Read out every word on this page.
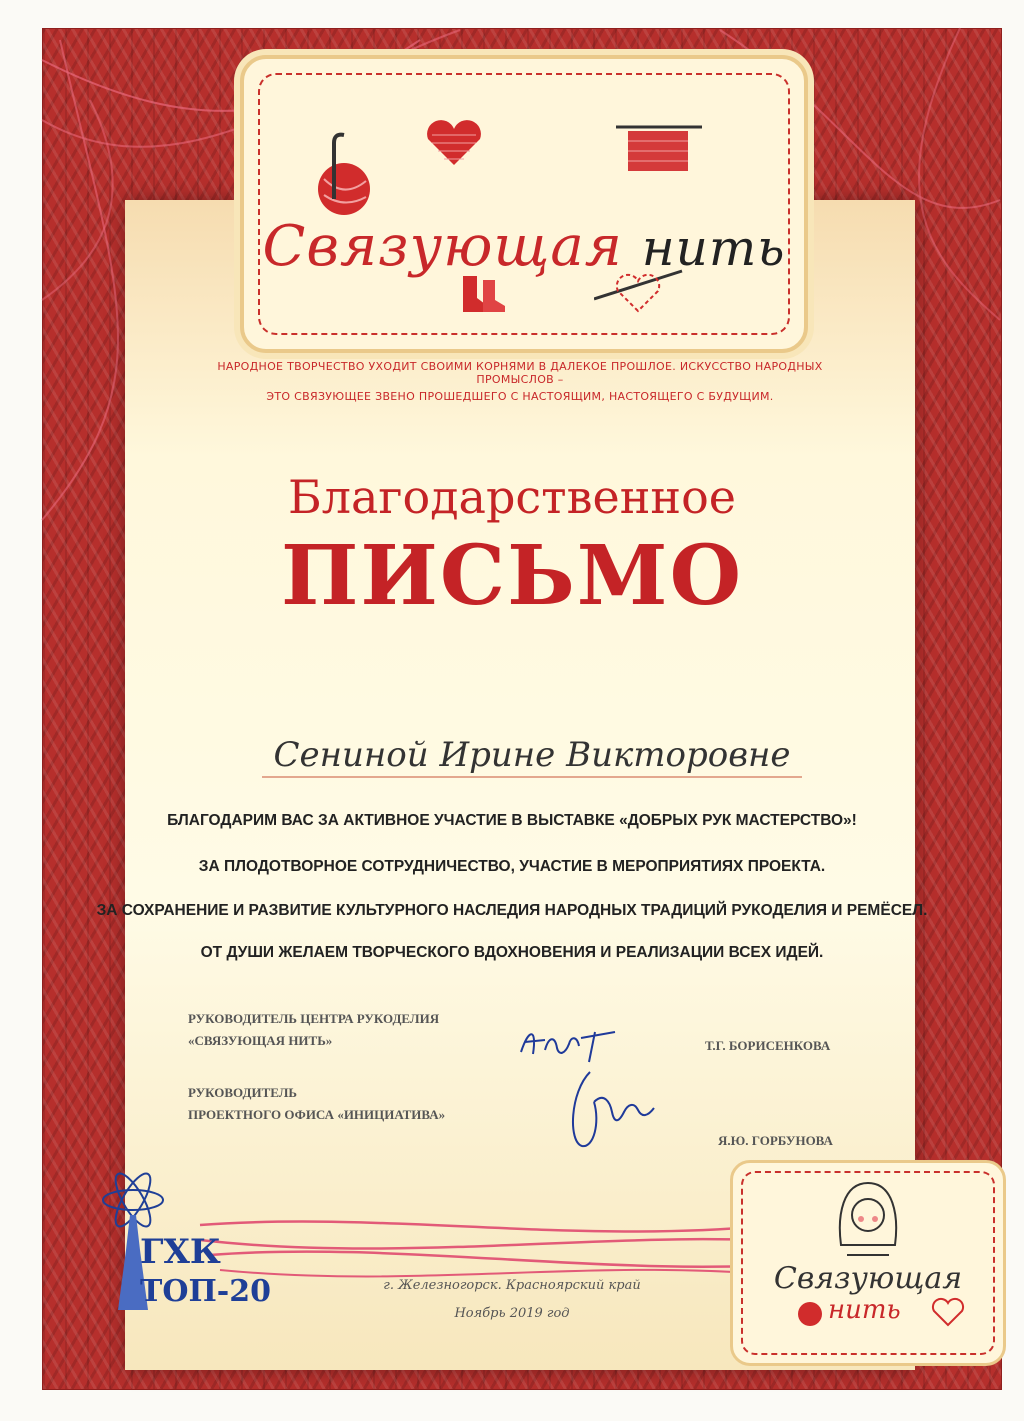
Связующая нить
НАРОДНОЕ ТВОРЧЕСТВО УХОДИТ СВОИМИ КОРНЯМИ В ДАЛЕКОЕ ПРОШЛОЕ. ИСКУССТВО НАРОДНЫХ ПРОМЫСЛОВ –
ЭТО СВЯЗУЮЩЕЕ ЗВЕНО ПРОШЕДШЕГО С НАСТОЯЩИМ, НАСТОЯЩЕГО С БУДУЩИМ.
Благодарственное
ПИСЬМО
Сениной Ирине Викторовне
БЛАГОДАРИМ ВАС ЗА АКТИВНОЕ УЧАСТИЕ В ВЫСТАВКЕ «ДОБРЫХ РУК МАСТЕРСТВО»!
ЗА ПЛОДОТВОРНОЕ СОТРУДНИЧЕСТВО, УЧАСТИЕ В МЕРОПРИЯТИЯХ ПРОЕКТА.
ЗА СОХРАНЕНИЕ И РАЗВИТИЕ КУЛЬТУРНОГО НАСЛЕДИЯ НАРОДНЫХ ТРАДИЦИЙ РУКОДЕЛИЯ И РЕМЁСЕЛ.
ОТ ДУШИ ЖЕЛАЕМ ТВОРЧЕСКОГО ВДОХНОВЕНИЯ И РЕАЛИЗАЦИИ ВСЕХ ИДЕЙ.
РУКОВОДИТЕЛЬ ЦЕНТРА РУКОДЕЛИЯ
«СВЯЗУЮЩАЯ НИТЬ»	Т.Г. БОРИСЕНКОВА
РУКОВОДИТЕЛЬ
ПРОЕКТНОГО ОФИСА «ИНИЦИАТИВА»
Я.Ю. ГОРБУНОВА
ГХК
ТОП-20	г. Железногорск. Красноярский край
Ноябрь 2019 год
Связующая
нить
